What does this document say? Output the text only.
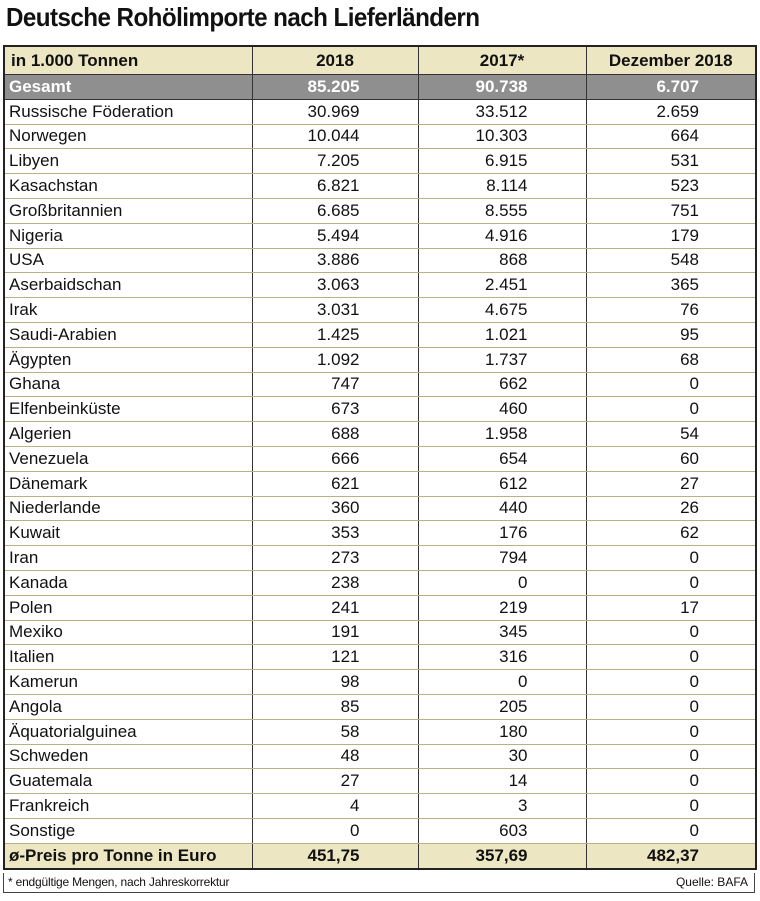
Deutsche Rohölimporte nach Lieferländern
in 1.000 Tonnen	2018	2017*	Dezember 2018
Gesamt	85.205	90.738	6.707
Russische Föderation	30.969	33.512	2.659
Norwegen	10.044	10.303	664
Libyen	7.205	6.915	531
Kasachstan	6.821	8.114	523
Großbritannien	6.685	8.555	751
Nigeria	5.494	4.916	179
USA	3.886	868	548
Aserbaidschan	3.063	2.451	365
Irak	3.031	4.675	76
Saudi-Arabien	1.425	1.021	95
Ägypten	1.092	1.737	68
Ghana	747	662	0
Elfenbeinküste	673	460	0
Algerien	688	1.958	54
Venezuela	666	654	60
Dänemark	621	612	27
Niederlande	360	440	26
Kuwait	353	176	62
Iran	273	794	0
Kanada	238	0	0
Polen	241	219	17
Mexiko	191	345	0
Italien	121	316	0
Kamerun	98	0	0
Angola	85	205	0
Äquatorialguinea	58	180	0
Schweden	48	30	0
Guatemala	27	14	0
Frankreich	4	3	0
Sonstige	0	603	0
ø-Preis pro Tonne in Euro	451,75	357,69	482,37
* endgültige Mengen, nach Jahreskorrektur	Quelle: BAFA
